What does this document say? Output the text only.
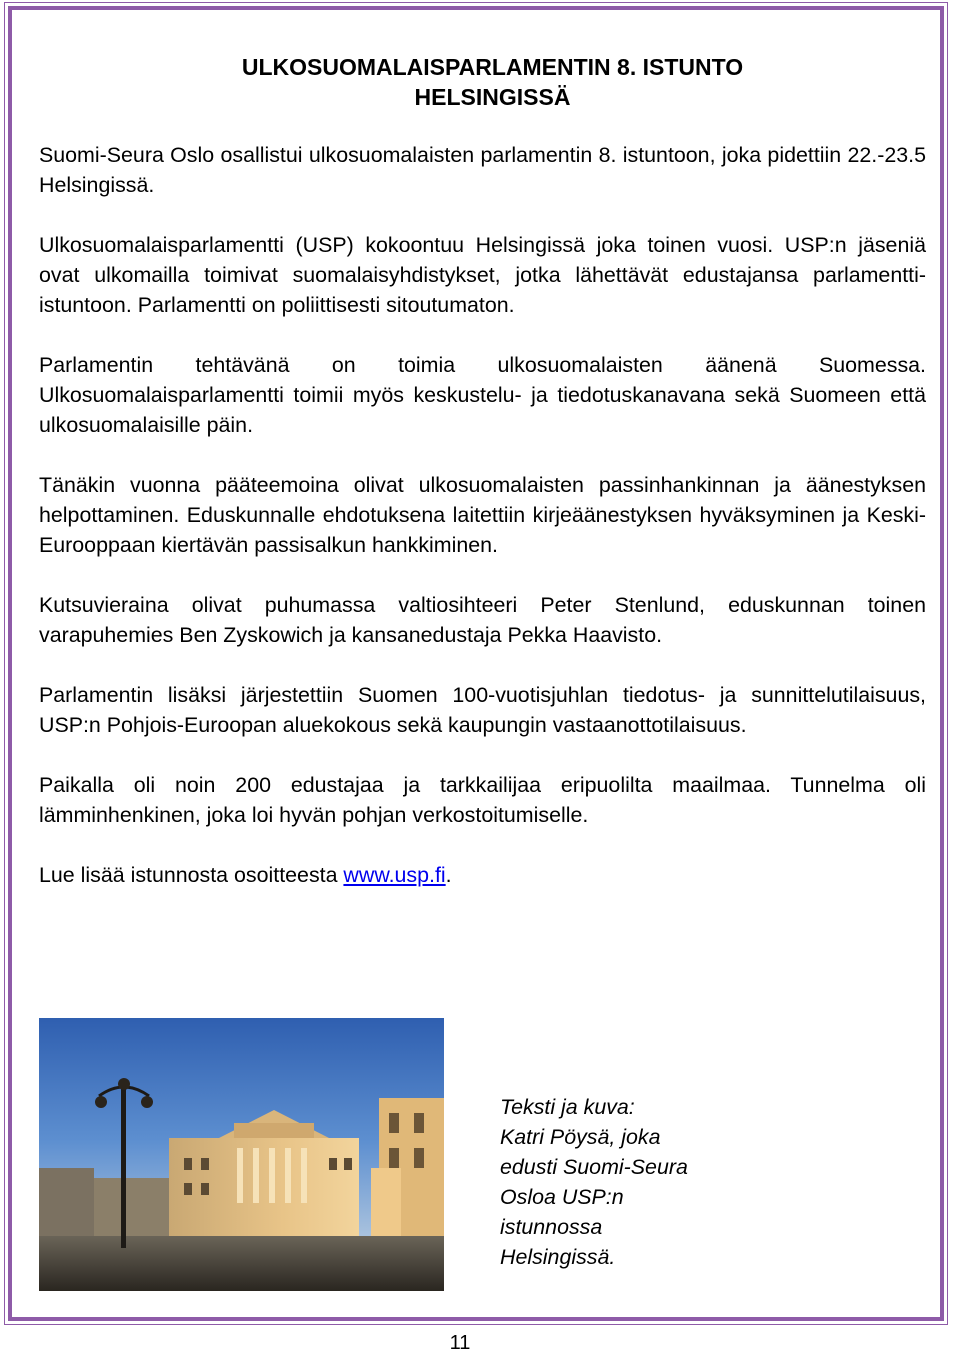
ULKOSUOMALAISPARLAMENTIN 8. ISTUNTO
HELSINGISSÄ

Suomi-Seura Oslo osallistui ulkosuomalaisten parlamentin 8. istuntoon, joka pidettiin 22.-23.5 Helsingissä.

Ulkosuomalaisparlamentti (USP) kokoontuu Helsingissä joka toinen vuosi. USP:n jäseniä ovat ulkomailla toimivat suomalaisyhdistykset, jotka lähettävät edustajansa parlamentti-istuntoon. Parlamentti on poliittisesti sitoutumaton.

Parlamentin tehtävänä on toimia ulkosuomalaisten äänenä Suomessa. Ulkosuomalaisparlamentti toimii myös keskustelu- ja tiedotuskanavana sekä Suomeen että ulkosuomalaisille päin.

Tänäkin vuonna pääteemoina olivat ulkosuomalaisten passinhankinnan ja äänestyksen helpottaminen. Eduskunnalle ehdotuksena laitettiin kirjeäänestyksen hyväksyminen ja Keski-Eurooppaan kiertävän passisalkun hankkiminen.

Kutsuvieraina olivat puhumassa valtiosihteeri Peter Stenlund, eduskunnan toinen varapuhemies Ben Zyskowich ja kansanedustaja Pekka Haavisto.

Parlamentin lisäksi järjestettiin Suomen 100-vuotisjuhlan tiedotus- ja sunnittelutilaisuus, USP:n Pohjois-Euroopan aluekokous sekä kaupungin vastaanottotilaisuus.

Paikalla oli noin 200 edustajaa ja tarkkailijaa eripuolilta maailmaa. Tunnelma oli lämminhenkinen, joka loi hyvän pohjan verkostoitumiselle.

Lue lisää istunnosta osoitteesta www.usp.fi.

Teksti ja kuva:
Katri Pöysä, joka
edusti Suomi-Seura
Osloa USP:n
istunnossa
Helsingissä.
11
